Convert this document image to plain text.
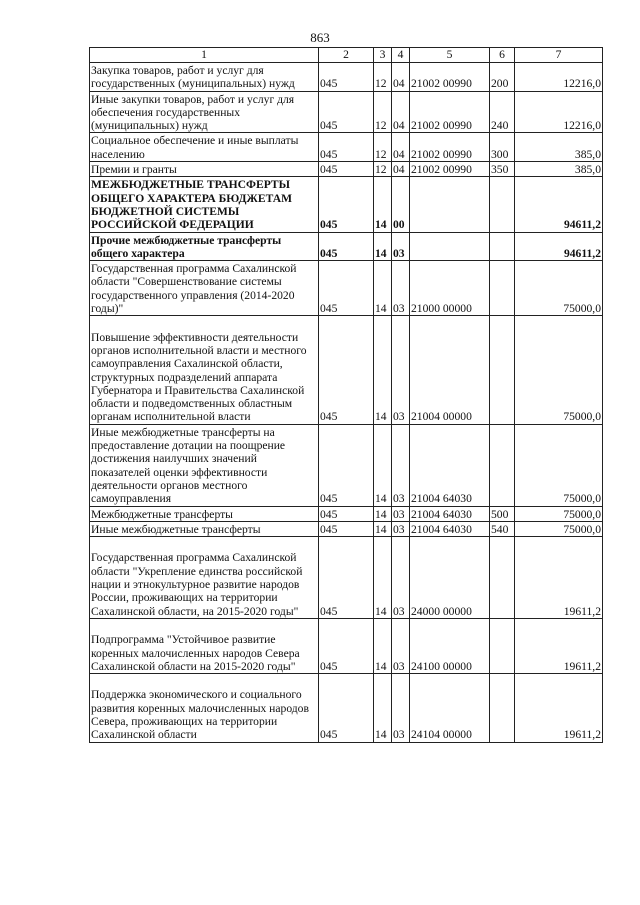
863
1	2	3	4	5	6	7
Закупка товаров, работ и услуг для государственных (муниципальных) нужд	045	12	04	21002 00990	200	12216,0
Иные закупки товаров, работ и услуг для обеспечения государственных (муниципальных) нужд	045	12	04	21002 00990	240	12216,0
Социальное обеспечение и иные выплаты населению	045	12	04	21002 00990	300	385,0
Премии и гранты	045	12	04	21002 00990	350	385,0
МЕЖБЮДЖЕТНЫЕ ТРАНСФЕРТЫ ОБЩЕГО ХАРАКТЕРА БЮДЖЕТАМ БЮДЖЕТНОЙ СИСТЕМЫ РОССИЙСКОЙ ФЕДЕРАЦИИ	045	14	00			94611,2
Прочие межбюджетные трансферты общего характера	045	14	03			94611,2
Государственная программа Сахалинской области "Совершенствование системы государственного управления (2014-2020 годы)"	045	14	03	21000 00000		75000,0
Повышение эффективности деятельности органов исполнительной власти и местного самоуправления Сахалинской области, структурных подразделений аппарата Губернатора и Правительства Сахалинской области и подведомственных областным органам исполнительной власти	045	14	03	21004 00000		75000,0
Иные межбюджетные трансферты на предоставление дотации на поощрение достижения наилучших значений показателей оценки эффективности деятельности органов местного самоуправления	045	14	03	21004 64030		75000,0
Межбюджетные трансферты	045	14	03	21004 64030	500	75000,0
Иные межбюджетные трансферты	045	14	03	21004 64030	540	75000,0
Государственная программа Сахалинской области "Укрепление единства российской нации и этнокультурное развитие народов России, проживающих на территории Сахалинской области, на 2015-2020 годы"	045	14	03	24000 00000		19611,2
Подпрограмма "Устойчивое развитие коренных малочисленных народов Севера Сахалинской области на 2015-2020 годы"	045	14	03	24100 00000		19611,2
Поддержка экономического и социального развития коренных малочисленных народов Севера, проживающих на территории Сахалинской области	045	14	03	24104 00000		19611,2
